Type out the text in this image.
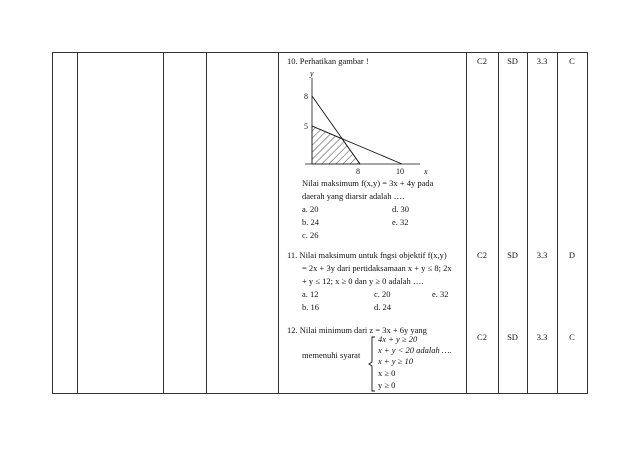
10. Perhatikan gambar !
y
x
8
5
8	10
Nilai maksimum f(x,y) = 3x + 4y pada
daerah yang diarsir adalah ….
a. 20	d. 30
b. 24	e. 32
c. 26
C2	SD	3.3	C
11. Nilai maksimum untuk fngsi objektif f(x,y)
= 2x + 3y dari pertidaksamaan x + y ≤ 8; 2x
+ y ≤ 12; x ≥ 0 dan y ≥ 0 adalah ….
a. 12	c. 20	e. 32
b. 16	d. 24
C2	SD	3.3	D
12. Nilai minimum dari z = 3x + 6y yang
memenuhi syarat
4x + y ≥ 20
x + y < 20 adalah ….
x + y ≥ 10
x ≥ 0
y ≥ 0
C2	SD	3.3	C
